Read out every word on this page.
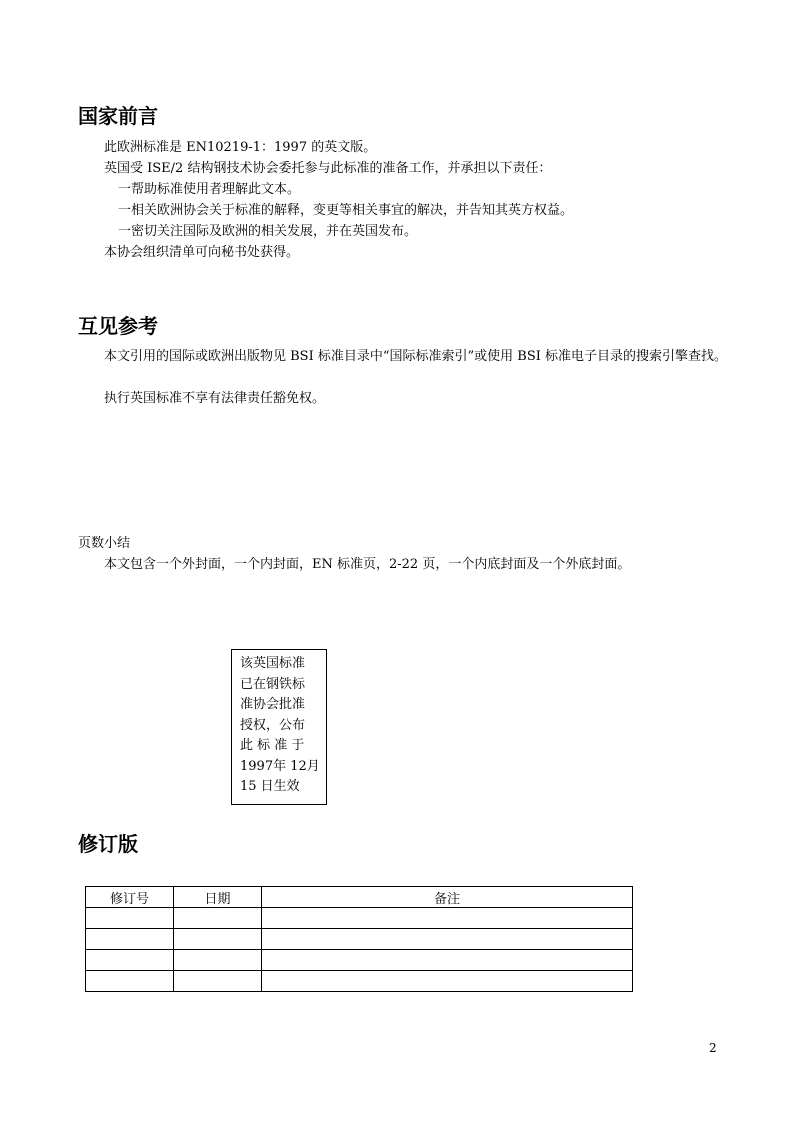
国家前言

此欧洲标准是 EN10219-1：1997 的英文版。

英国受 ISE/2 结构钢技术协会委托参与此标准的准备工作，并承担以下责任：

一帮助标准使用者理解此文本。

一相关欧洲协会关于标准的解释，变更等相关事宜的解决，并告知其英方权益。

一密切关注国际及欧洲的相关发展，并在英国发布。

本协会组织清单可向秘书处获得。

互见参考

本文引用的国际或欧洲出版物见 BSI 标准目录中“国际标准索引”或使用 BSI 标准电子目录的搜索引擎查找。

执行英国标准不享有法律责任豁免权。

页数小结

本文包含一个外封面，一个内封面，EN 标准页，2-22 页，一个内底封面及一个外底封面。

该英国标准
已在钢铁标
准协会批准
授权，公布
此 标 准 于
1997年 12月
15 日生效
修订版
修订号	日期	备注

2
